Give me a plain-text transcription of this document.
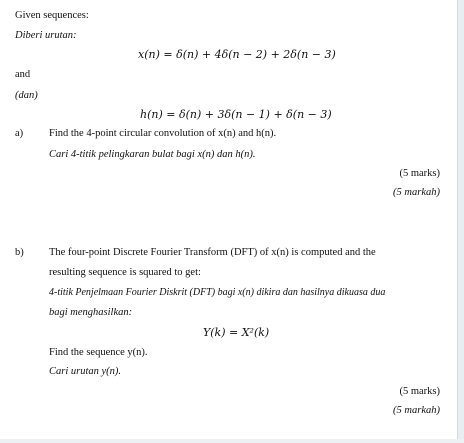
Given sequences:
Diberi urutan:
x(n) = δ(n) + 4δ(n − 2) + 2δ(n − 3)
and
(dan)
h(n) = δ(n) + 3δ(n − 1) + δ(n − 3)
a) Find the 4-point circular convolution of x(n) and h(n).
Cari 4-titik pelingkaran bulat bagi x(n) dan h(n).
(5 marks)
(5 markah)
b) The four-point Discrete Fourier Transform (DFT) of x(n) is computed and the
resulting sequence is squared to get:
4-titik Penjelmaan Fourier Diskrit (DFT) bagi x(n) dikira dan hasilnya dikuasa dua
bagi menghasilkan:
Y(k) = X²(k)
Find the sequence y(n).
Cari urutan y(n).
(5 marks)
(5 markah)
